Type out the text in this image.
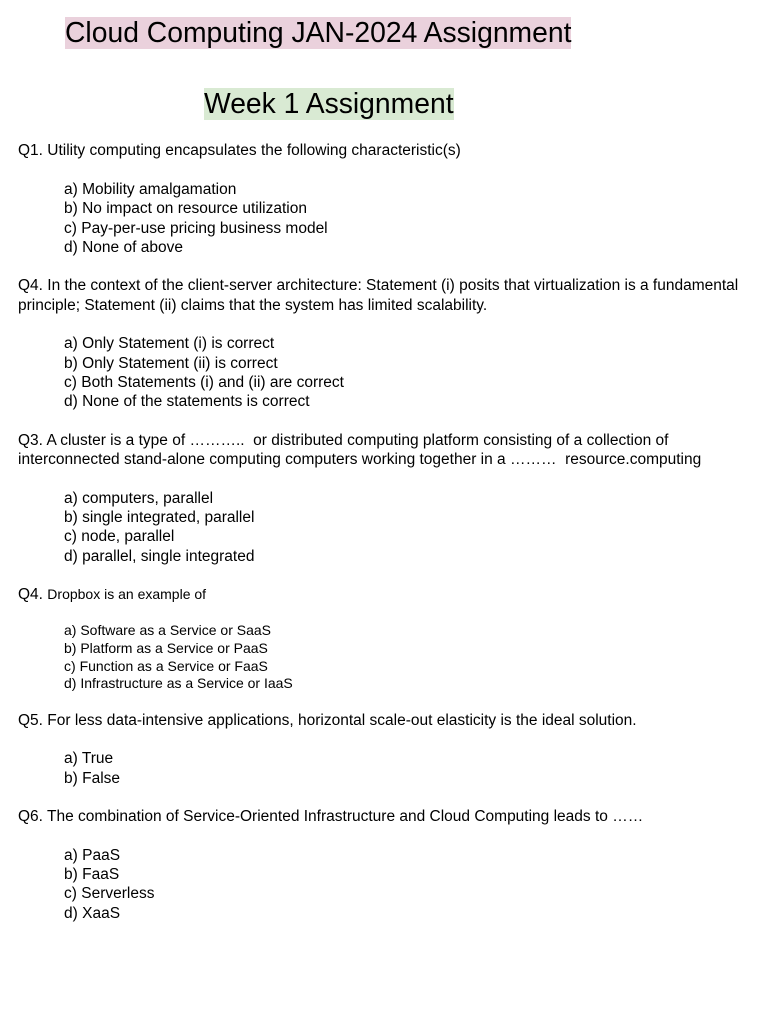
Cloud Computing JAN-2024 Assignment
Week 1 Assignment
Q1. Utility computing encapsulates the following characteristic(s)
a) Mobility amalgamation
b) No impact on resource utilization
c) Pay-per-use pricing business model
d) None of above
Q4. In the context of the client-server architecture: Statement (i) posits that virtualization is a fundamental principle; Statement (ii) claims that the system has limited scalability.
a) Only Statement (i) is correct
b) Only Statement (ii) is correct
c) Both Statements (i) and (ii) are correct
d) None of the statements is correct
Q3. A cluster is a type of ………..  or distributed computing platform consisting of a collection of interconnected stand-alone computing computers working together in a ………  resource.computing
a) computers, parallel
b) single integrated, parallel
c) node, parallel
d) parallel, single integrated
Q4. Dropbox is an example of
a) Software as a Service or SaaS
b) Platform as a Service or PaaS
c) Function as a Service or FaaS
d) Infrastructure as a Service or IaaS
Q5. For less data-intensive applications, horizontal scale-out elasticity is the ideal solution.
a) True
b) False
Q6. The combination of Service-Oriented Infrastructure and Cloud Computing leads to ……
a) PaaS
b) FaaS
c) Serverless
d) XaaS
